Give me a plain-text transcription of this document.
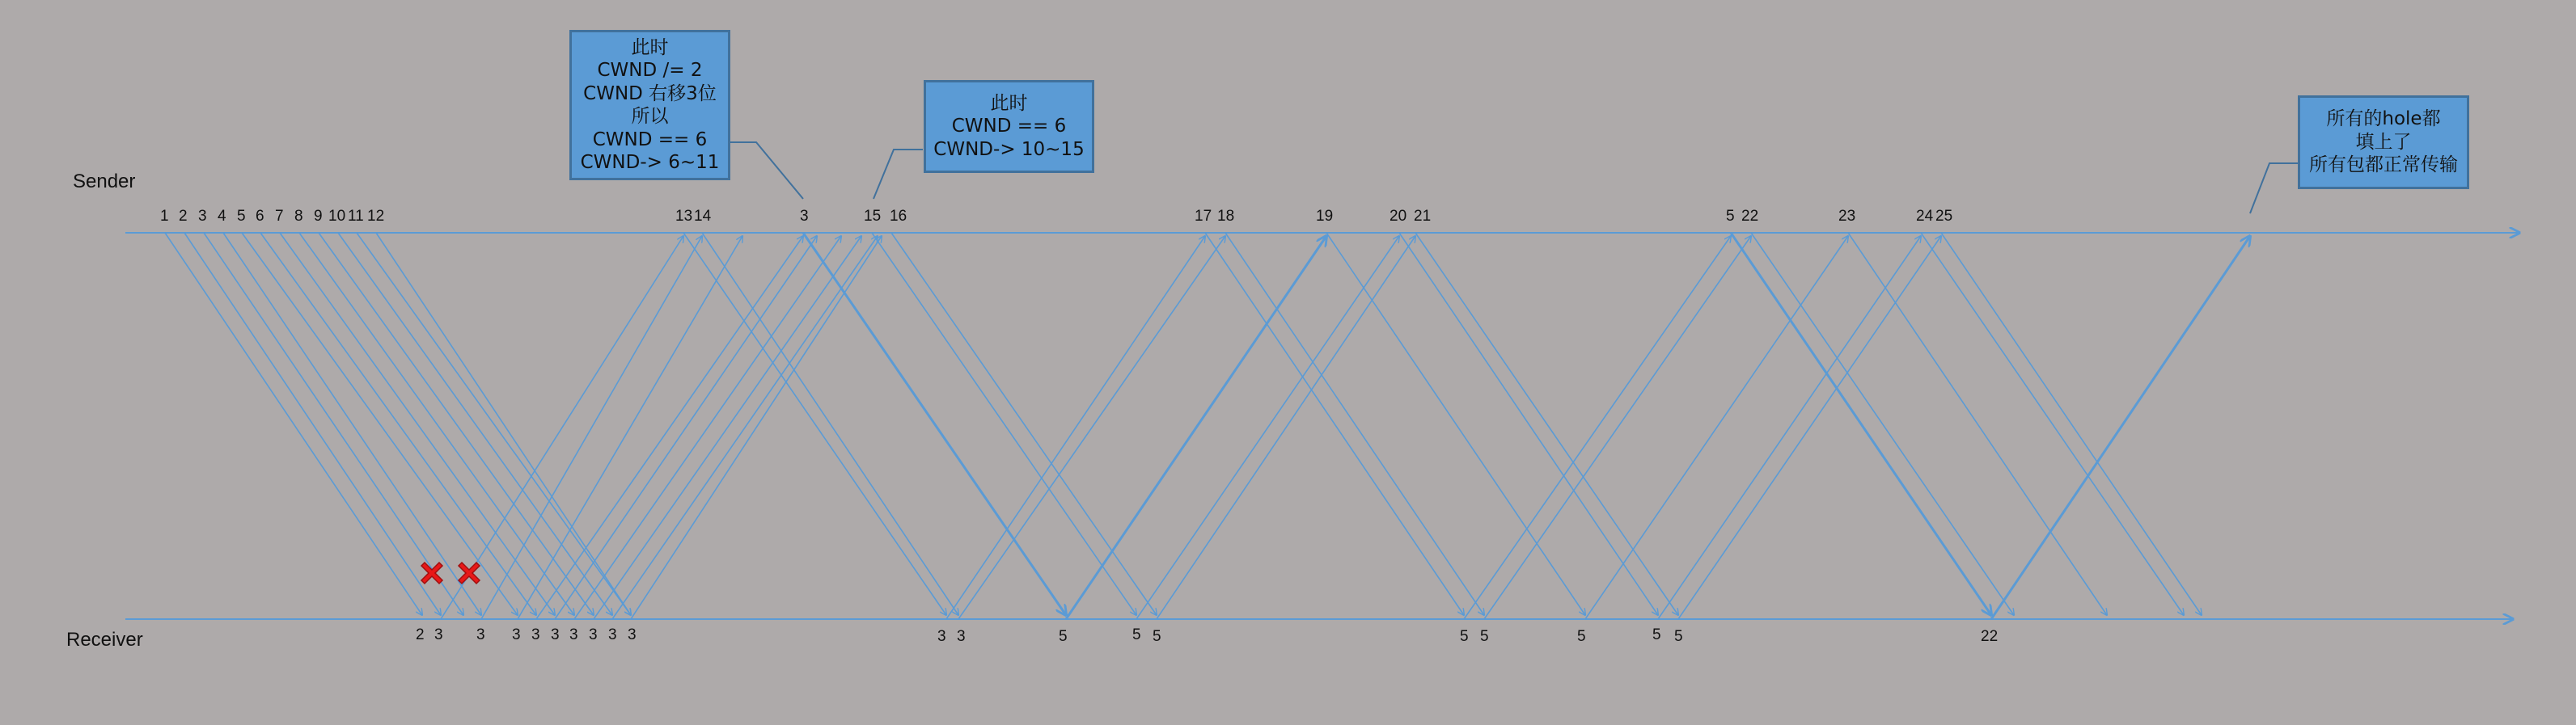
Sender
Receiver
1 2 3 4 5 6 7 8 9 10 11 12	13 14	3	15 16	17 18	19	20 21	5 22	23	24 25
2 3 3 3 3 3 3 3 3 3	3 3	5	5 5	5 5	5	5 5	22
此时
CWND /= 2
CWND 右移3位
所以
CWND == 6
CWND-> 6~11
此时
CWND == 6
CWND-> 10~15
所有的hole都
填上了
所有包都正常传输
